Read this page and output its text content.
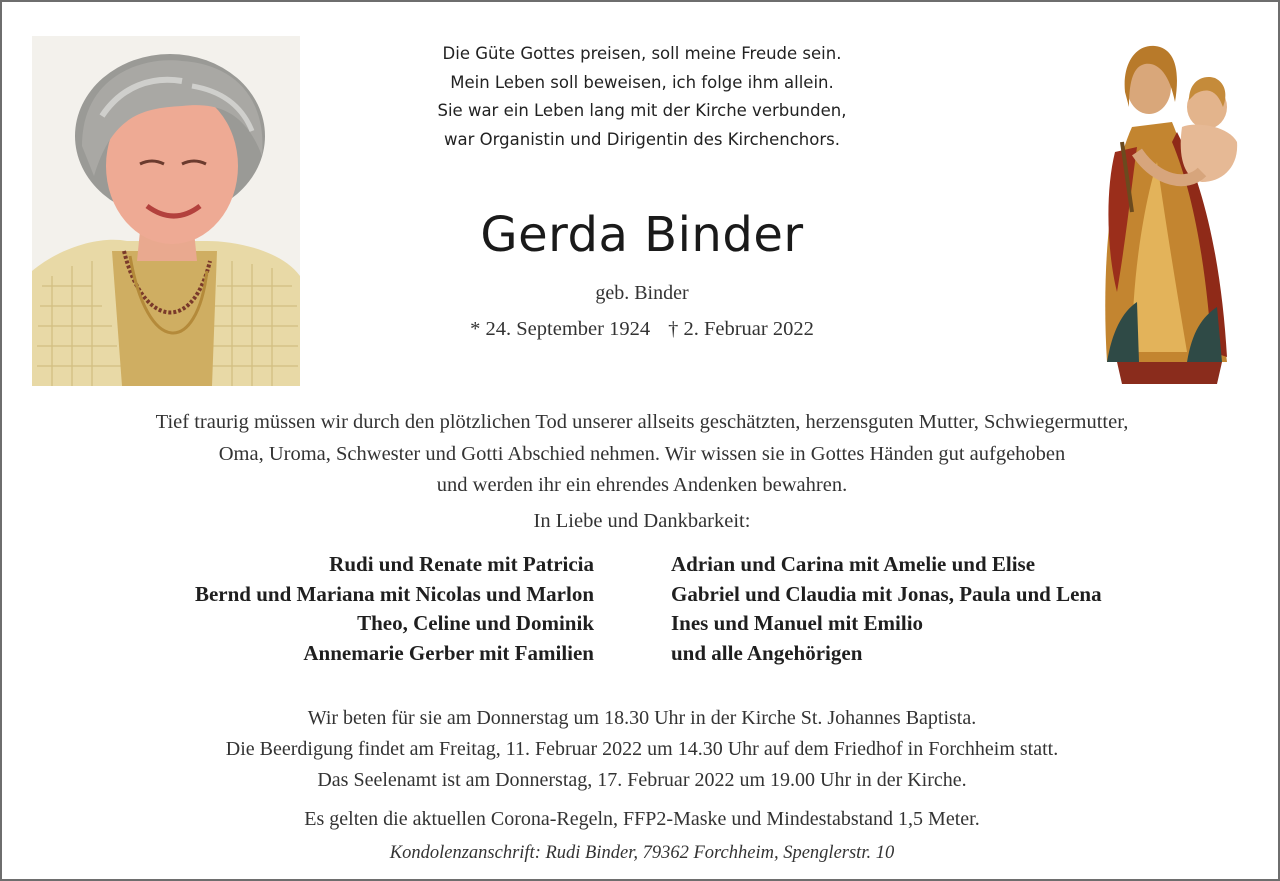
Die Güte Gottes preisen, soll meine Freude sein.
Mein Leben soll beweisen, ich folge ihm allein.
Sie war ein Leben lang mit der Kirche verbunden,
war Organistin und Dirigentin des Kirchenchors.
Gerda Binder
geb. Binder
* 24. September 1924 † 2. Februar 2022
Tief traurig müssen wir durch den plötzlichen Tod unserer allseits geschätzten, herzensguten Mutter, Schwiegermutter,
Oma, Uroma, Schwester und Gotti Abschied nehmen. Wir wissen sie in Gottes Händen gut aufgehoben
und werden ihr ein ehrendes Andenken bewahren.
In Liebe und Dankbarkeit:
Rudi und Renate mit Patricia
Bernd und Mariana mit Nicolas und Marlon
Theo, Celine und Dominik
Annemarie Gerber mit Familien
Adrian und Carina mit Amelie und Elise
Gabriel und Claudia mit Jonas, Paula und Lena
Ines und Manuel mit Emilio
und alle Angehörigen
Wir beten für sie am Donnerstag um 18.30 Uhr in der Kirche St. Johannes Baptista.
Die Beerdigung findet am Freitag, 11. Februar 2022 um 14.30 Uhr auf dem Friedhof in Forchheim statt.
Das Seelenamt ist am Donnerstag, 17. Februar 2022 um 19.00 Uhr in der Kirche.
Es gelten die aktuellen Corona-Regeln, FFP2-Maske und Mindestabstand 1,5 Meter.
Kondolenzanschrift: Rudi Binder, 79362 Forchheim, Spenglerstr. 10
